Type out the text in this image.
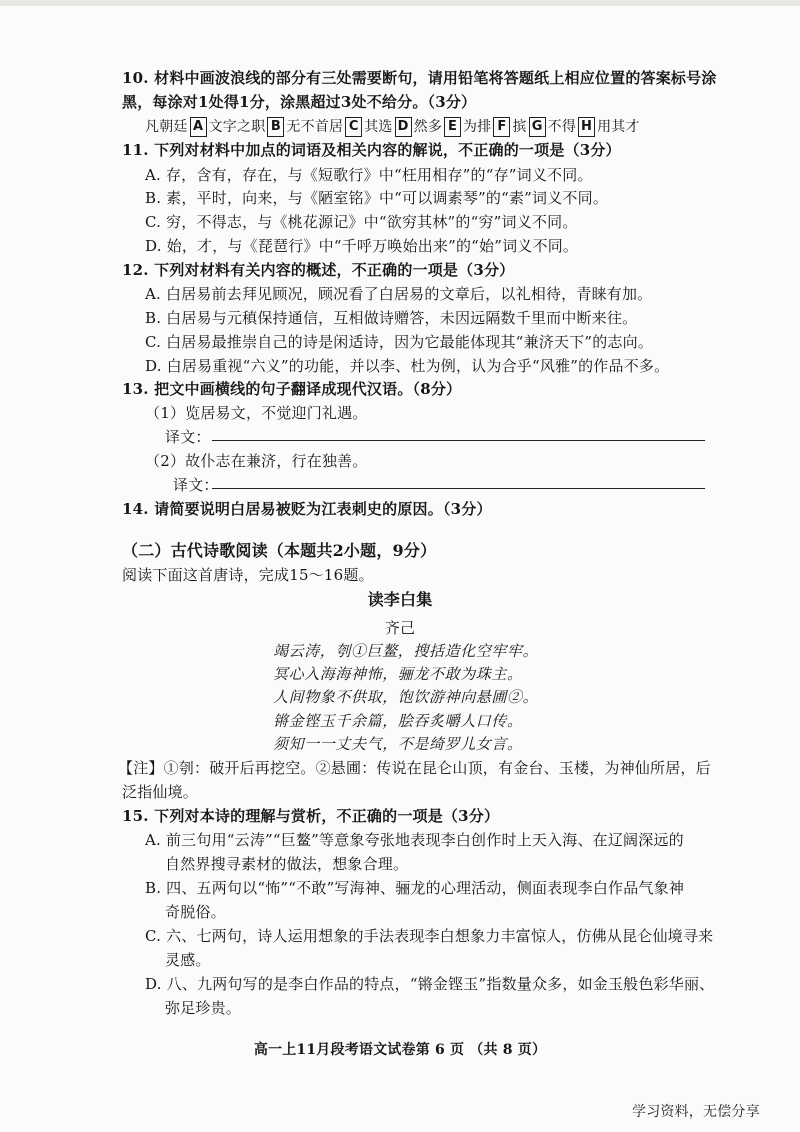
10. 材料中画波浪线的部分有三处需要断句，请用铅笔将答题纸上相应位置的答案标号涂
黑，每涂对1处得1分，涂黑超过3处不给分。（3分）
凡朝廷 A 文字之职 B 无不首居 C 其选 D 然多 E 为排 F 摈 G 不得 H 用其才
11. 下列对材料中加点的词语及相关内容的解说，不正确的一项是（3分）
A. 存，含有，存在，与《短歌行》中“枉用相存”的“存”词义不同。
B. 素，平时，向来，与《陋室铭》中“可以调素琴”的“素”词义不同。
C. 穷，不得志，与《桃花源记》中“欲穷其林”的“穷”词义不同。
D. 始，才，与《琵琶行》中“千呼万唤始出来”的“始”词义不同。
12. 下列对材料有关内容的概述，不正确的一项是（3分）
A. 白居易前去拜见顾况，顾况看了白居易的文章后，以礼相待，青睐有加。
B. 白居易与元稹保持通信，互相做诗赠答，未因远隔数千里而中断来往。
C. 白居易最推崇自己的诗是闲适诗，因为它最能体现其“兼济天下”的志向。
D. 白居易重视“六义”的功能，并以李、杜为例，认为合乎“风雅”的作品不多。
13. 把文中画横线的句子翻译成现代汉语。（8分）
（1）览居易文，不觉迎门礼遇。
译文：
（2）故仆志在兼济，行在独善。
译文：
14. 请简要说明白居易被贬为江表刺史的原因。（3分）
（二）古代诗歌阅读（本题共2小题，9分）
阅读下面这首唐诗，完成15～16题。
读李白集
齐己
竭云涛，刳①巨鳌，搜括造化空牢牢。
冥心入海海神怖，骊龙不敢为珠主。
人间物象不供取，饱饮游神向悬圃②。
锵金铿玉千余篇，脍吞炙嚼人口传。
须知一一丈夫气，不是绮罗儿女言。
【注】①刳：破开后再挖空。②悬圃：传说在昆仑山顶，有金台、玉楼，为神仙所居，后
泛指仙境。
15. 下列对本诗的理解与赏析，不正确的一项是（3分）
A. 前三句用“云涛”“巨鳌”等意象夸张地表现李白创作时上天入海、在辽阔深远的
自然界搜寻素材的做法，想象合理。
B. 四、五两句以“怖”“不敢”写海神、骊龙的心理活动，侧面表现李白作品气象神
奇脱俗。
C. 六、七两句，诗人运用想象的手法表现李白想象力丰富惊人，仿佛从昆仑仙境寻来
灵感。
D. 八、九两句写的是李白作品的特点，“锵金铿玉”指数量众多，如金玉般色彩华丽、
弥足珍贵。
高一上11月段考语文试卷第 6 页 （共 8 页）
学习资料，无偿分享
